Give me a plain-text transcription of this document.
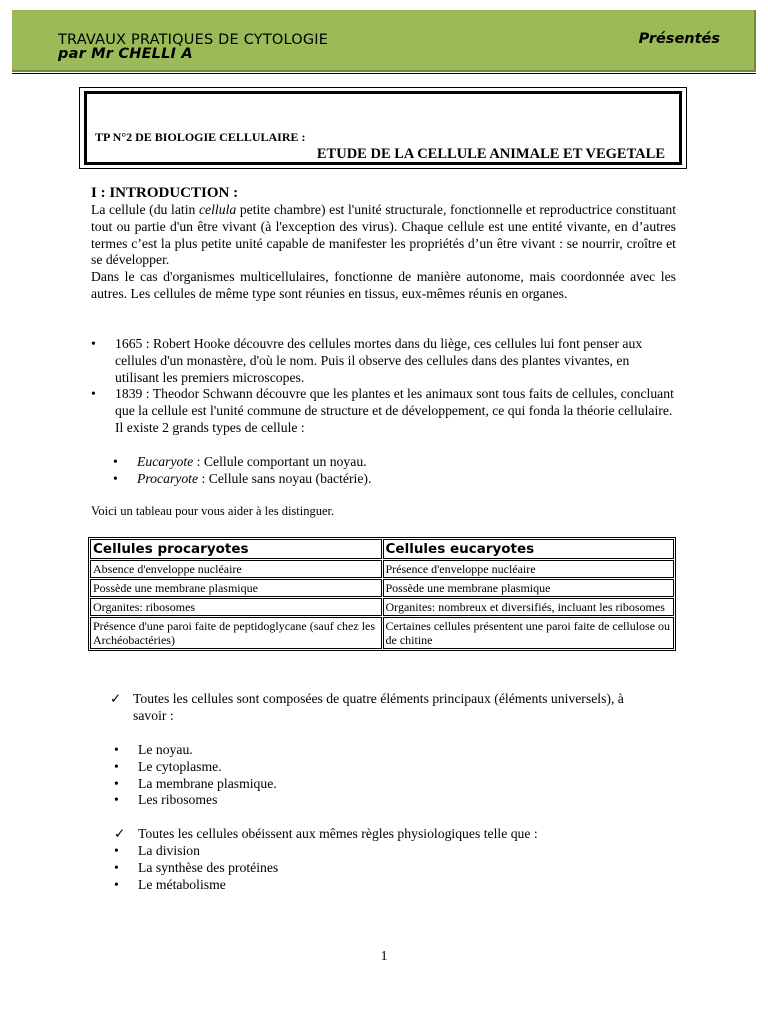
TRAVAUX PRATIQUES DE CYTOLOGIE
par Mr CHELLI A
Présentés
TP N°2 DE BIOLOGIE CELLULAIRE :
ETUDE DE LA CELLULE ANIMALE ET VEGETALE
I : INTRODUCTION :
La cellule (du latin cellula petite chambre) est l'unité structurale, fonctionnelle et reproductrice constituant tout ou partie d'un être vivant (à l'exception des virus). Chaque cellule est une entité vivante, en d’autres termes c’est la plus petite unité capable de manifester les propriétés d’un être vivant : se nourrir, croître et se développer.
Dans le cas d'organismes multicellulaires, fonctionne de manière autonome, mais coordonnée avec les autres. Les cellules de même type sont réunies en tissus, eux-mêmes réunis en organes.
• 1665 : Robert Hooke découvre des cellules mortes dans du liège, ces cellules lui font penser aux cellules d'un monastère, d'où le nom. Puis il observe des cellules dans des plantes vivantes, en utilisant les premiers microscopes.
• 1839 : Theodor Schwann découvre que les plantes et les animaux sont tous faits de cellules, concluant que la cellule est l'unité commune de structure et de développement, ce qui fonda la théorie cellulaire. Il existe 2 grands types de cellule :
• Eucaryote : Cellule comportant un noyau.
• Procaryote : Cellule sans noyau (bactérie).
Voici un tableau pour vous aider à les distinguer.
Cellules procaryotes	Cellules eucaryotes
Absence d'enveloppe nucléaire	Présence d'enveloppe nucléaire
Possède une membrane plasmique	Possède une membrane plasmique
Organites: ribosomes	Organites: nombreux et diversifiés, incluant les ribosomes
Présence d'une paroi faite de peptidoglycane (sauf chez les Archéobactéries)	Certaines cellules présentent une paroi faite de cellulose ou de chitine
✓ Toutes les cellules sont composées de quatre éléments principaux (éléments universels), à savoir :
• Le noyau.
• Le cytoplasme.
• La membrane plasmique.
• Les ribosomes
✓ Toutes les cellules obéissent aux mêmes règles physiologiques telle que :
• La division
• La synthèse des protéines
• Le métabolisme
1
